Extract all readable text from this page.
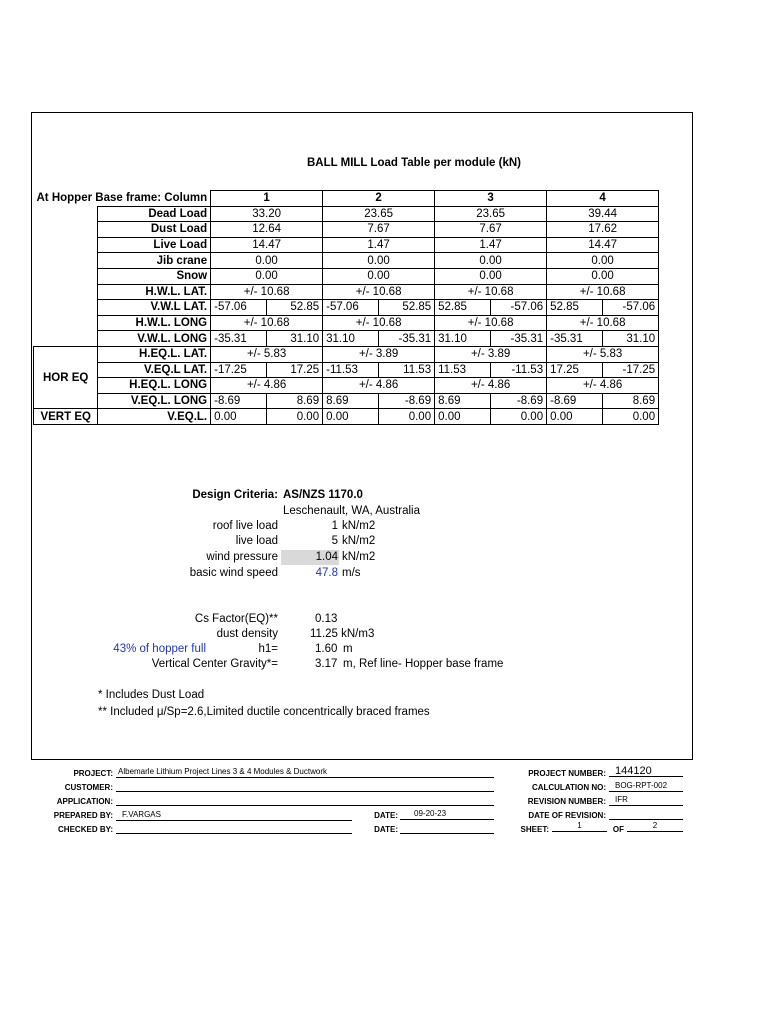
BALL MILL Load Table per module (kN)
At Hopper Base frame: Column		1		2		3		4	
	Dead Load	33.20		23.65		23.65		39.44	
	Dust Load	12.64		7.67		7.67		17.62	
	Live Load	14.47		1.47		1.47		14.47	
	Jib crane	0.00		0.00		0.00		0.00	
	Snow	0.00		0.00		0.00		0.00	
	H.W.L. LAT.	+/- 10.68		+/- 10.68		+/- 10.68		+/- 10.68	
	V.W.L LAT.	-57.06	52.85	-57.06	52.85	52.85	-57.06	52.85	-57.06
	H.W.L. LONG	+/- 10.68		+/- 10.68		+/- 10.68		+/- 10.68	
	V.W.L. LONG	-35.31	31.10	31.10	-35.31	31.10	-35.31	-35.31	31.10
HOR EQ	H.EQ.L. LAT.	+/- 5.83		+/- 3.89		+/- 3.89		+/- 5.83	
	V.EQ.L LAT.	-17.25	17.25	-11.53	11.53	11.53	-11.53	17.25	-17.25
	H.EQ.L. LONG	+/- 4.86		+/- 4.86		+/- 4.86		+/- 4.86	
	V.EQ.L. LONG	-8.69	8.69	8.69	-8.69	8.69	-8.69	-8.69	8.69
VERT EQ	V.EQ.L.	0.00	0.00	0.00	0.00	0.00	0.00	0.00	0.00
Design Criteria: AS/NZS 1170.0
Leschenault, WA, Australia
roof live load	1 kN/m2
live load	5 kN/m2
wind pressure	1.04 kN/m2
basic wind speed	47.8 m/s
Cs Factor(EQ)**	0.13
dust density	11.25 kN/m3
43% of hopper full	h1=	1.60 m
Vertical Center Gravity*=	3.17 m, Ref line- Hopper base frame
* Includes Dust Load
** Included μ/Sp=2.6,Limited ductile concentrically braced frames
PROJECT: Albemarle Lithium Project Lines 3 & 4 Modules & Ductwork
CUSTOMER:
APPLICATION:
PREPARED BY:	F.VARGAS
CHECKED BY:
DATE:	09-20-23
DATE:
PROJECT NUMBER: 144120
CALCULATION NO:	BOG-RPT-002
REVISION NUMBER:	IFR
DATE OF REVISION:
SHEET:	1	OF	2
